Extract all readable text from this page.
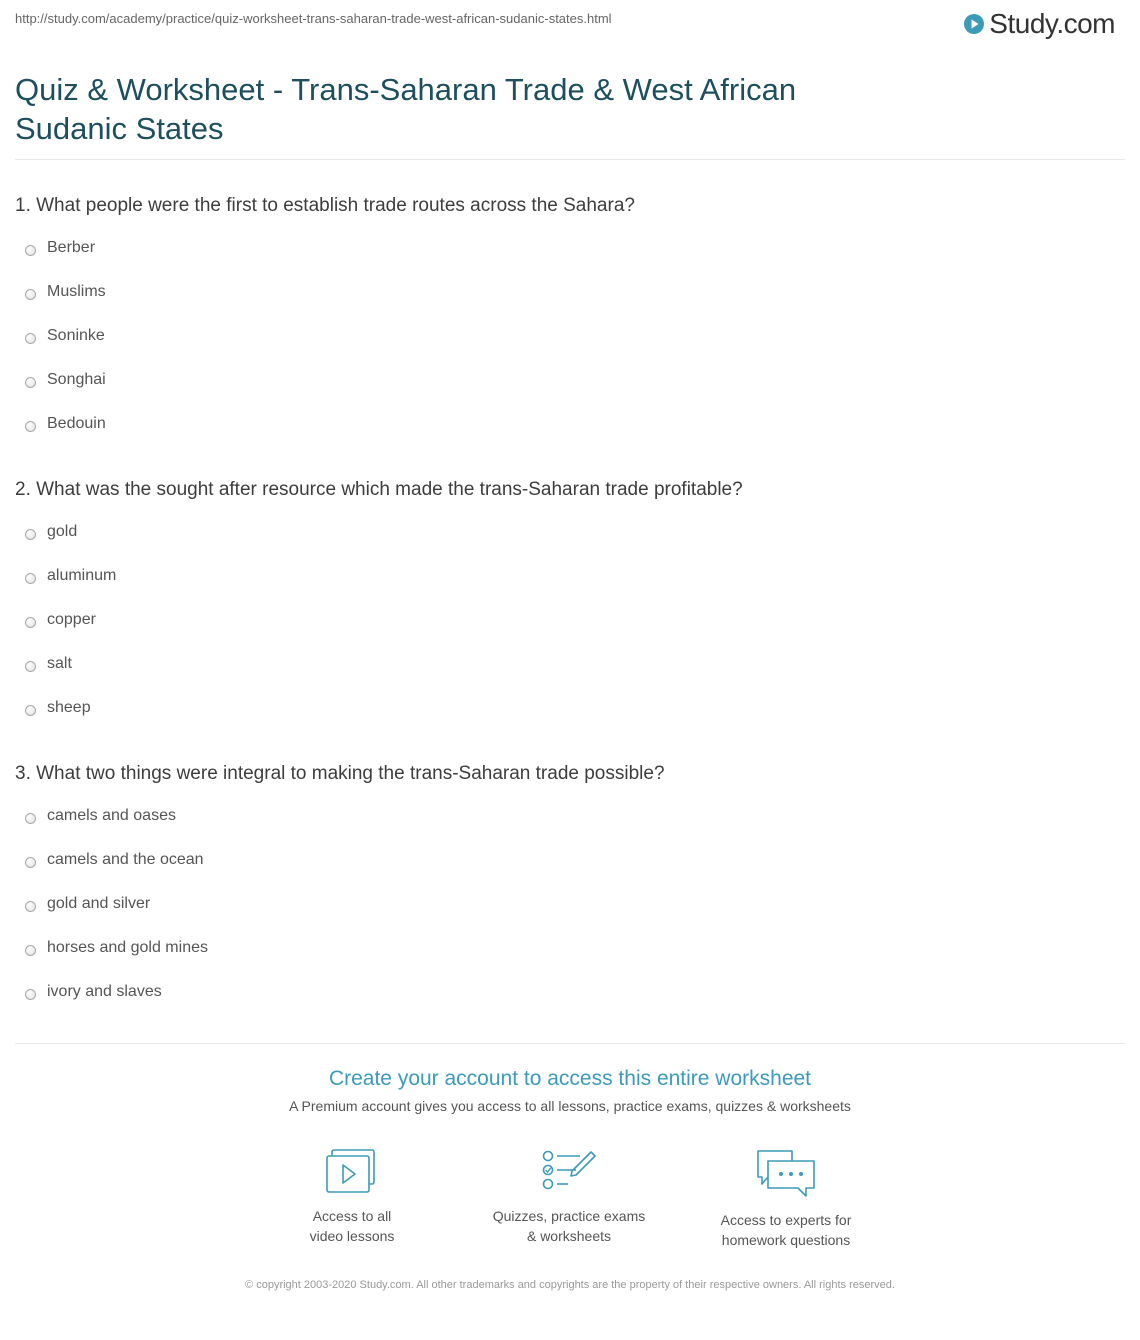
http://study.com/academy/practice/quiz-worksheet-trans-saharan-trade-west-african-sudanic-states.html	Study.com
Quiz & Worksheet - Trans-Saharan Trade & West African Sudanic States
1. What people were the first to establish trade routes across the Sahara?
Berber
Muslims
Soninke
Songhai
Bedouin
2. What was the sought after resource which made the trans-Saharan trade profitable?
gold
aluminum
copper
salt
sheep
3. What two things were integral to making the trans-Saharan trade possible?
camels and oases
camels and the ocean
gold and silver
horses and gold mines
ivory and slaves
Create your account to access this entire worksheet
A Premium account gives you access to all lessons, practice exams, quizzes & worksheets
Access to all
video lessons
Quizzes, practice exams
& worksheets
Access to experts for
homework questions
© copyright 2003-2020 Study.com. All other trademarks and copyrights are the property of their respective owners. All rights reserved.
